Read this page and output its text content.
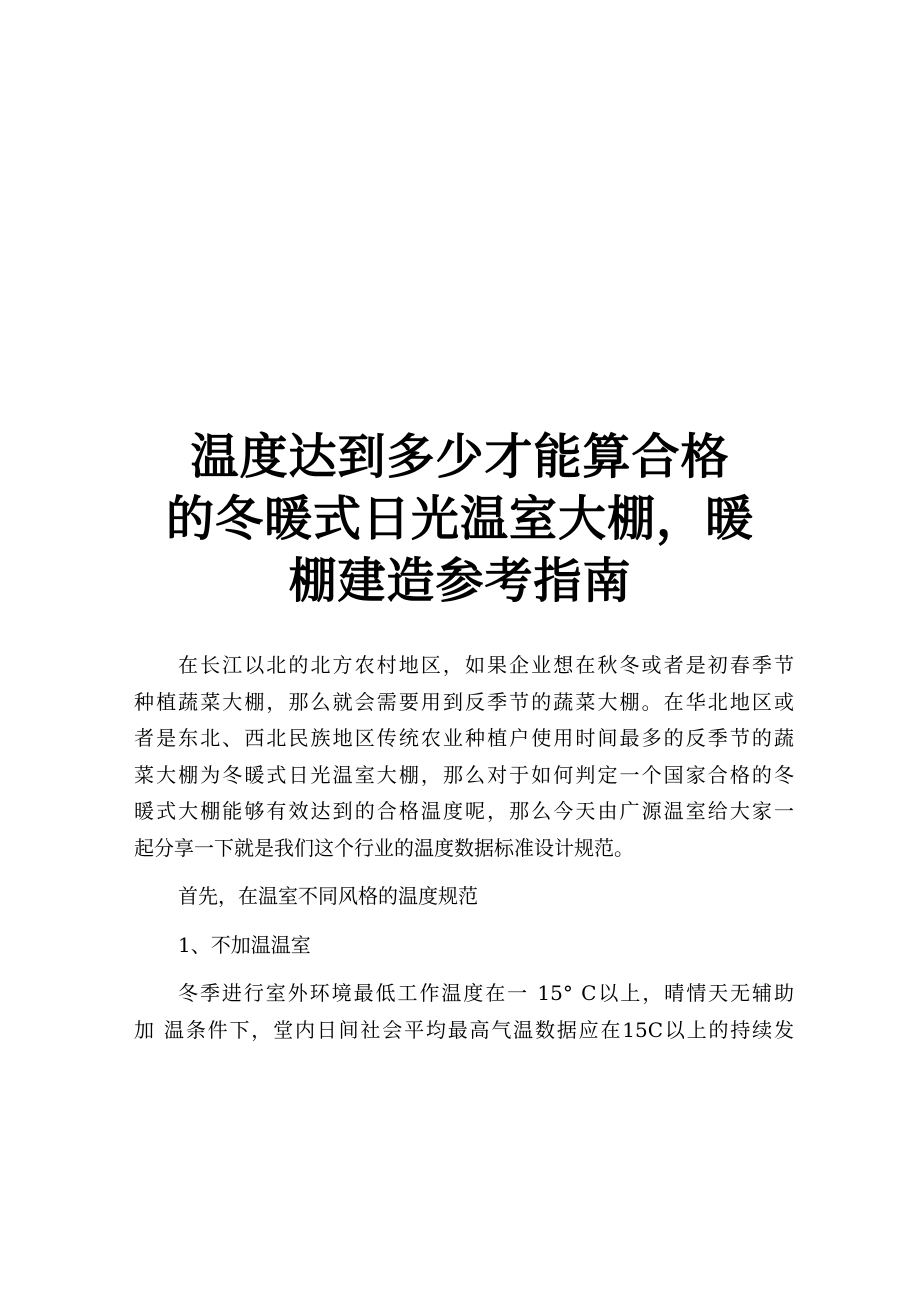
温度达到多少才能算合格
的冬暖式日光温室大棚，暖
棚建造参考指南
在长江以北的北方农村地区，如果企业想在秋冬或者是初春季节
种植蔬菜大棚，那么就会需要用到反季节的蔬菜大棚。在华北地区或
者是东北、西北民族地区传统农业种植户使用时间最多的反季节的蔬
菜大棚为冬暖式日光温室大棚，那么对于如何判定一个国家合格的冬
暖式大棚能够有效达到的合格温度呢，那么今天由广源温室给大家一
起分享一下就是我们这个行业的温度数据标准设计规范。
首先，在温室不同风格的温度规范
1、不加温温室
冬季进行室外环境最低工作温度在一 15° C以上，晴情天无辅助
加 温条件下，堂内日间社会平均最高气温数据应在15C以上的持续发
